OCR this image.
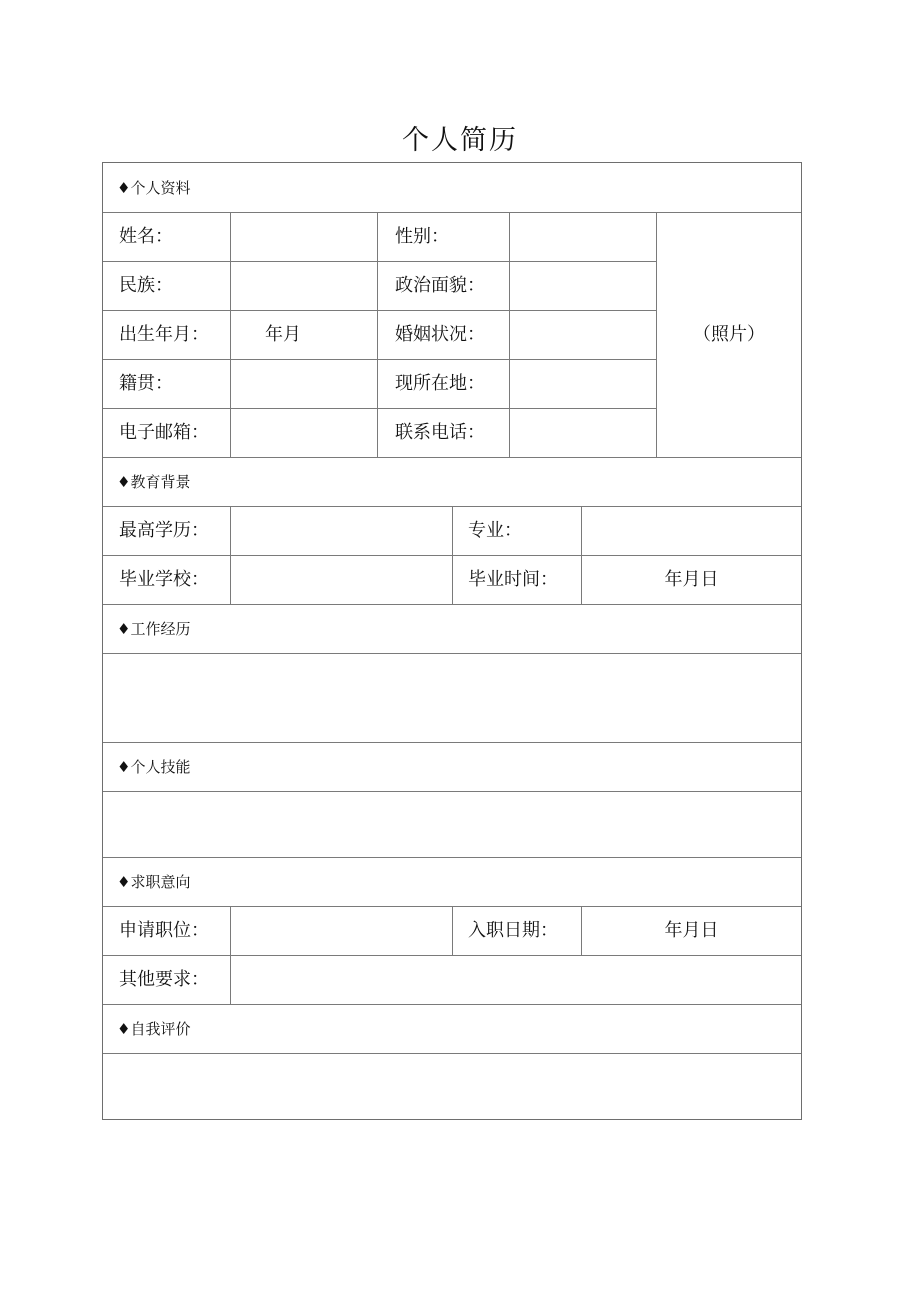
个人简历
♦个人资料
姓名：	性别：
民族：	政治面貌：
出生年月：	年月	婚姻状况：
籍贯：	现所在地：
电子邮箱：	联系电话：
（照片）
♦教育背景
最高学历：	专业：
毕业学校：	毕业时间：	年月日
♦工作经历
♦个人技能
♦求职意向
申请职位：	入职日期：	年月日
其他要求：
♦自我评价
